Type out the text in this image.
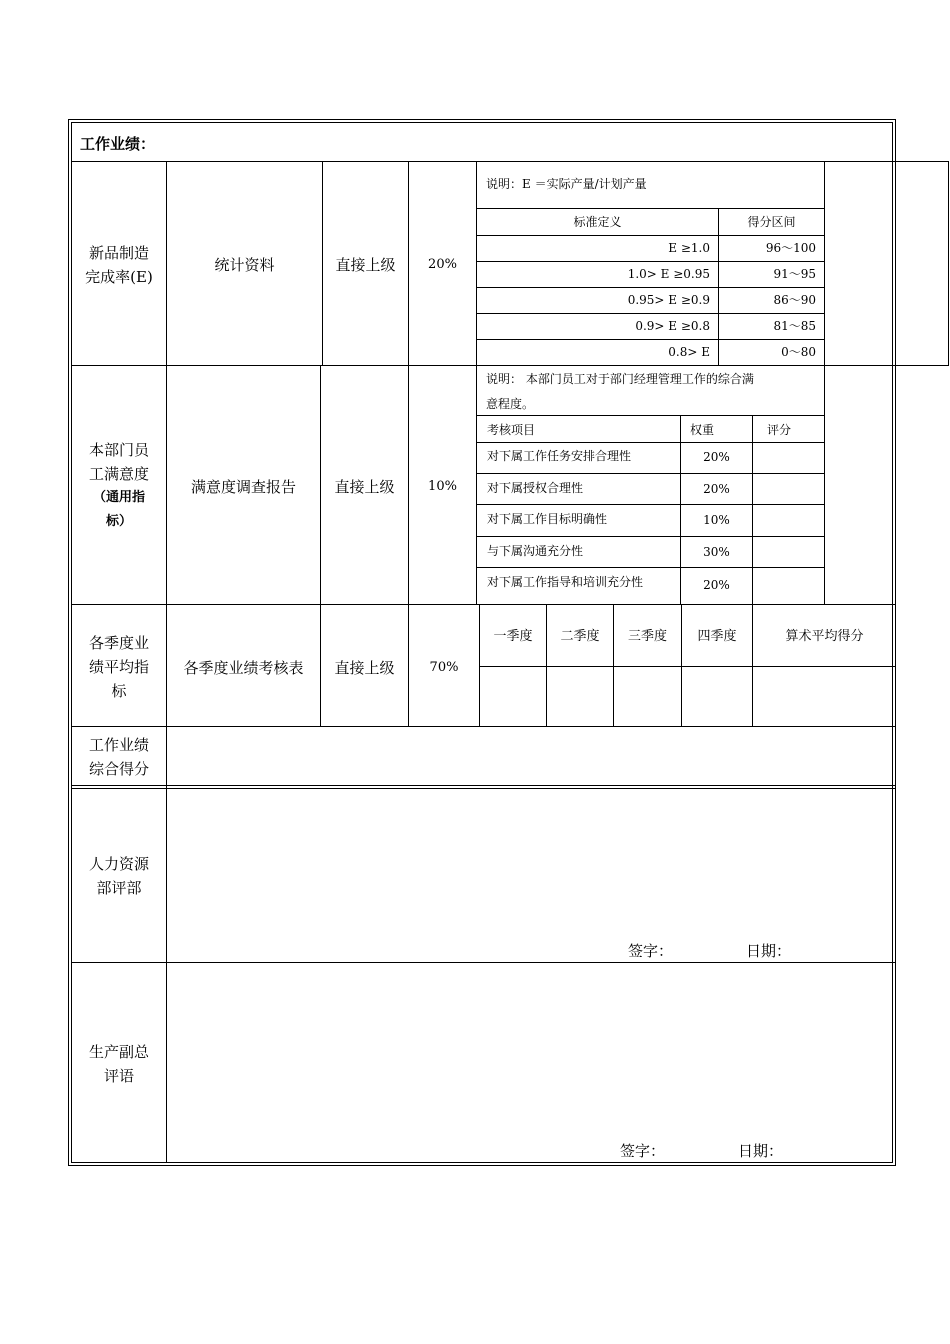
工作业绩：
新品制造
完成率(E)
统计资料	直接上级	20%
说明：E ＝实际产量/计划产量
标准定义	得分区间
E ≥1.0	96～100
1.0> E ≥0.95	91～95
0.95> E ≥0.9	86～90
0.9> E ≥0.8	81～85
0.8> E	0～80
本部门员
工满意度
（通用指
标）
满意度调查报告	直接上级	10%
说明： 本部门员工对于部门经理管理工作的综合满
意程度。
考核项目	权重	评分
对下属工作任务安排合理性	20%
对下属授权合理性	20%
对下属工作目标明确性	10%
与下属沟通充分性	30%
对下属工作指导和培训充分性	20%
各季度业
绩平均指
标
各季度业绩考核表	直接上级	70%
一季度	二季度	三季度	四季度	算术平均得分
工作业绩
综合得分
人力资源
部评部
签字：	日期：
生产副总
评语
签字：	日期：
